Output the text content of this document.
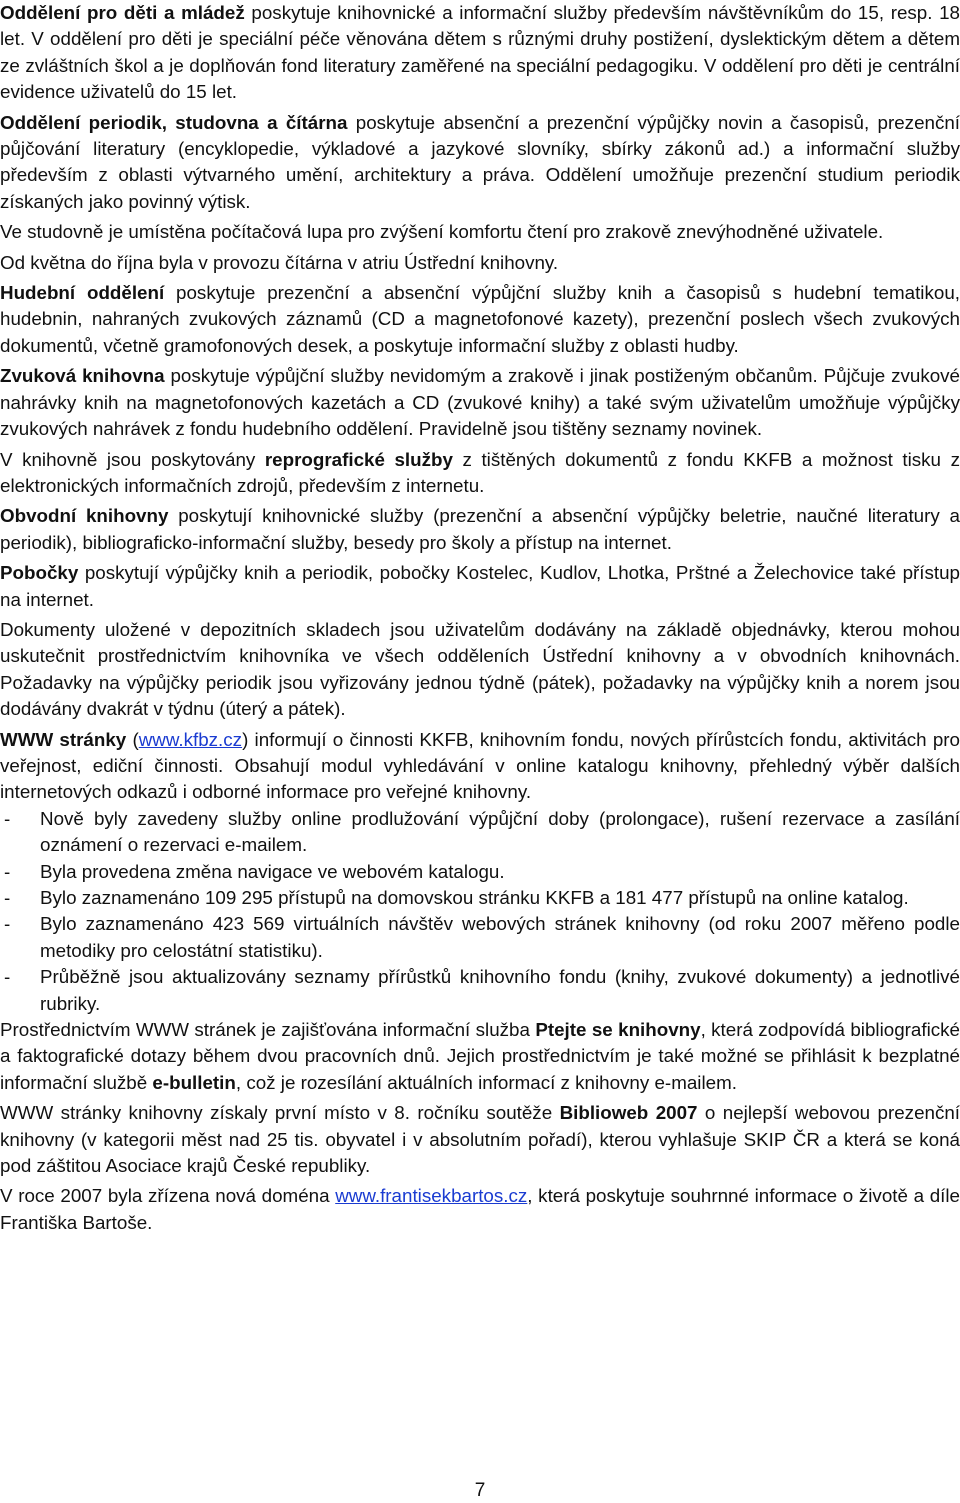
Oddělení pro děti a mládež poskytuje knihovnické a informační služby především návštěvníkům do 15, resp. 18 let. V oddělení pro děti je speciální péče věnována dětem s různými druhy postižení, dyslektickým dětem a dětem ze zvláštních škol a je doplňován fond literatury zaměřené na speciální pedagogiku. V oddělení pro děti je centrální evidence uživatelů do 15 let.

Oddělení periodik, studovna a čítárna poskytuje absenční a prezenční výpůjčky novin a časopisů, prezenční půjčování literatury (encyklopedie, výkladové a jazykové slovníky, sbírky zákonů ad.) a informační služby především z oblasti výtvarného umění, architektury a práva. Oddělení umožňuje prezenční studium periodik získaných jako povinný výtisk.

Ve studovně je umístěna počítačová lupa pro zvýšení komfortu čtení pro zrakově znevýhodněné uživatele.

Od května do října byla v provozu čítárna v atriu Ústřední knihovny.

Hudební oddělení poskytuje prezenční a absenční výpůjční služby knih a časopisů s hudební tematikou, hudebnin, nahraných zvukových záznamů (CD a magnetofonové kazety), prezenční poslech všech zvukových dokumentů, včetně gramofonových desek, a poskytuje informační služby z oblasti hudby.

Zvuková knihovna poskytuje výpůjční služby nevidomým a zrakově i jinak postiženým občanům. Půjčuje zvukové nahrávky knih na magnetofonových kazetách a CD (zvukové knihy) a také svým uživatelům umožňuje výpůjčky zvukových nahrávek z fondu hudebního oddělení. Pravidelně jsou tištěny seznamy novinek.

V knihovně jsou poskytovány reprografické služby z tištěných dokumentů z fondu KKFB a možnost tisku z elektronických informačních zdrojů, především z internetu.

Obvodní knihovny poskytují knihovnické služby (prezenční a absenční výpůjčky beletrie, naučné literatury a periodik), bibliograficko-informační služby, besedy pro školy a přístup na internet.

Pobočky poskytují výpůjčky knih a periodik, pobočky Kostelec, Kudlov, Lhotka, Prštné a Želechovice také přístup na internet.

Dokumenty uložené v depozitních skladech jsou uživatelům dodávány na základě objednávky, kterou mohou uskutečnit prostřednictvím knihovníka ve všech odděleních Ústřední knihovny a v obvodních knihovnách. Požadavky na výpůjčky periodik jsou vyřizovány jednou týdně (pátek), požadavky na výpůjčky knih a norem jsou dodávány dvakrát v týdnu (úterý a pátek).

WWW stránky (www.kfbz.cz) informují o činnosti KKFB, knihovním fondu, nových přírůstcích fondu, aktivitách pro veřejnost, ediční činnosti. Obsahují modul vyhledávání v online katalogu knihovny, přehledný výběr dalších internetových odkazů i odborné informace pro veřejné knihovny.

- Nově byly zavedeny služby online prodlužování výpůjční doby (prolongace), rušení rezervace a zasílání oznámení o rezervaci e-mailem.
- Byla provedena změna navigace ve webovém katalogu.
- Bylo zaznamenáno 109 295 přístupů na domovskou stránku KKFB a 181 477 přístupů na online katalog.
- Bylo zaznamenáno 423 569 virtuálních návštěv webových stránek knihovny (od roku 2007 měřeno podle metodiky pro celostátní statistiku).
- Průběžně jsou aktualizovány seznamy přírůstků knihovního fondu (knihy, zvukové dokumenty) a jednotlivé rubriky.

Prostřednictvím WWW stránek je zajišťována informační služba Ptejte se knihovny, která zodpovídá bibliografické a faktografické dotazy během dvou pracovních dnů. Jejich prostřednictvím je také možné se přihlásit k bezplatné informační službě e-bulletin, což je rozesílání aktuálních informací z knihovny e-mailem.

WWW stránky knihovny získaly první místo v 8. ročníku soutěže Biblioweb 2007 o nejlepší webovou prezenční knihovny (v kategorii měst nad 25 tis. obyvatel i v absolutním pořadí), kterou vyhlašuje SKIP ČR a která se koná pod záštitou Asociace krajů České republiky.

V roce 2007 byla zřízena nová doména www.frantisekbartos.cz, která poskytuje souhrnné informace o životě a díle Františka Bartoše.

7
